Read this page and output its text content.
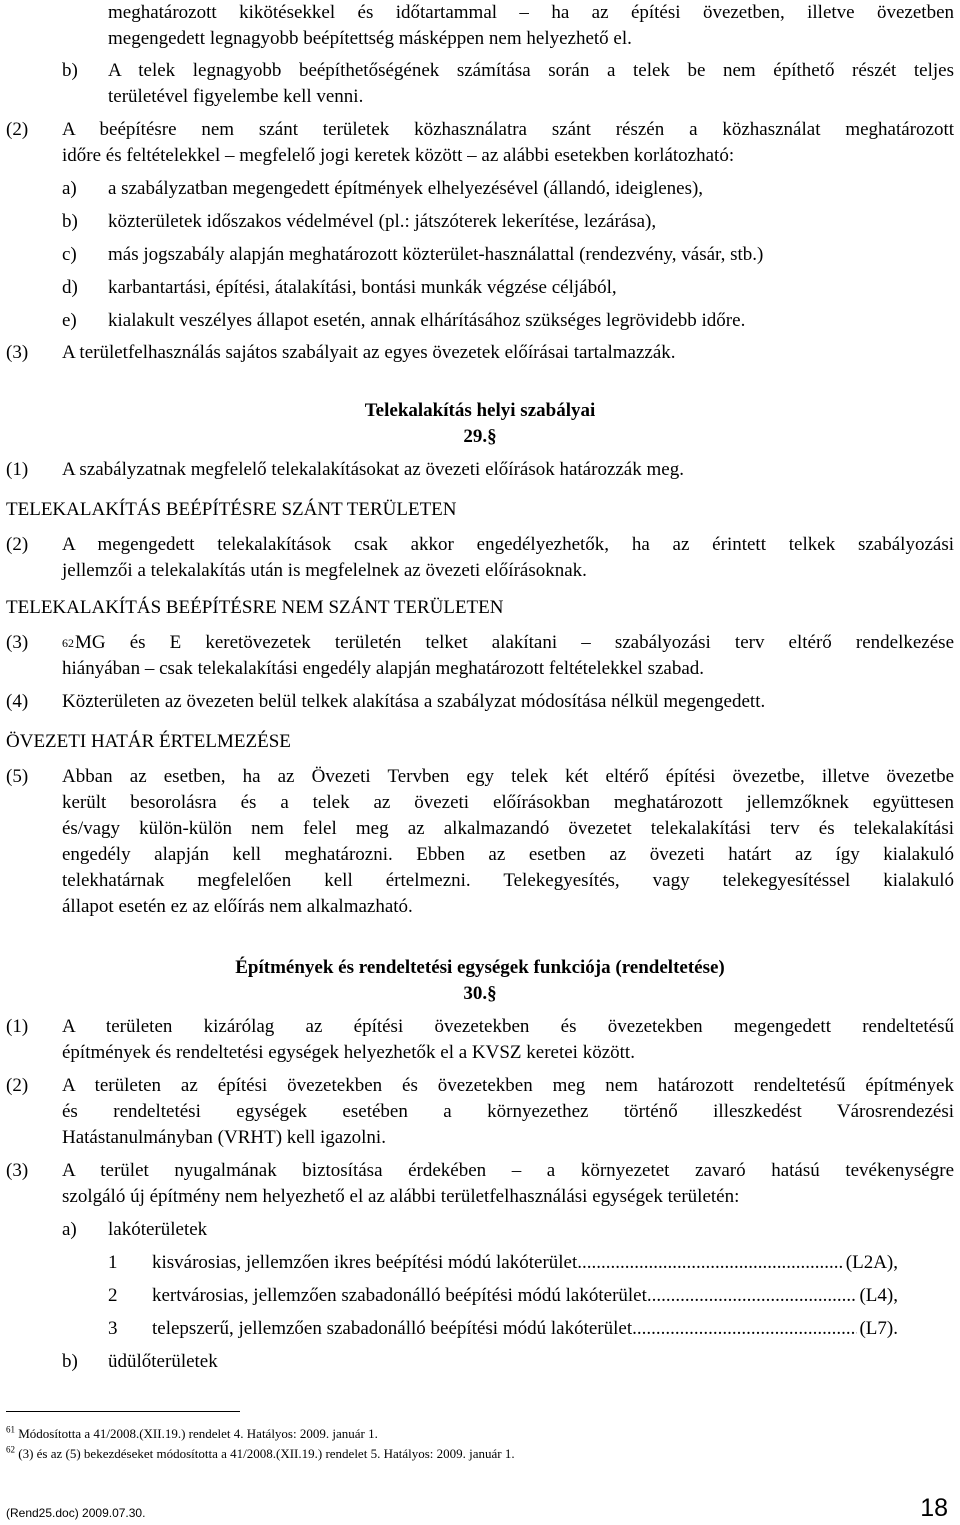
meghatározott kikötésekkel és időtartammal – ha az építési övezetben, illetve övezetben
megengedett legnagyobb beépítettség másképpen nem helyezhető el.
b) A telek legnagyobb beépíthetőségének számítása során a telek be nem építhető részét teljes
területével figyelembe kell venni.
(2) A beépítésre nem szánt területek közhasználatra szánt részén a közhasználat meghatározott
időre és feltételekkel – megfelelő jogi keretek között – az alábbi esetekben korlátozható:
a) a szabályzatban megengedett építmények elhelyezésével (állandó, ideiglenes),
b) közterületek időszakos védelmével (pl.: játszóterek lekerítése, lezárása),
c) más jogszabály alapján meghatározott közterület-használattal (rendezvény, vásár, stb.)
d) karbantartási, építési, átalakítási, bontási munkák végzése céljából,
e) kialakult veszélyes állapot esetén, annak elhárításához szükséges legrövidebb időre.
(3) A területfelhasználás sajátos szabályait az egyes övezetek előírásai tartalmazzák.
Telekalakítás helyi szabályai
29.§
(1) A szabályzatnak megfelelő telekalakításokat az övezeti előírások határozzák meg.
TELEKALAKÍTÁS BEÉPÍTÉSRE SZÁNT TERÜLETEN
(2) A megengedett telekalakítások csak akkor engedélyezhetők, ha az érintett telkek szabályozási
jellemzői a telekalakítás után is megfelelnek az övezeti előírásoknak.
TELEKALAKÍTÁS BEÉPÍTÉSRE NEM SZÁNT TERÜLETEN
(3)	62 MG és E keretövezetek területén telket alakítani – szabályozási terv eltérő rendelkezése
hiányában – csak telekalakítási engedély alapján meghatározott feltételekkel szabad.
(4) Közterületen az övezeten belül telkek alakítása a szabályzat módosítása nélkül megengedett.
ÖVEZETI HATÁR ÉRTELMEZÉSE
(5) Abban az esetben, ha az Övezeti Tervben egy telek két eltérő építési övezetbe, illetve övezetbe
került besorolásra és a telek az övezeti előírásokban meghatározott jellemzőknek együttesen
és/vagy külön-külön nem felel meg az alkalmazandó övezetet telekalakítási terv és telekalakítási
engedély alapján kell meghatározni. Ebben az esetben az övezeti határt az így kialakuló
telekhatárnak megfelelően kell értelmezni. Telekegyesítés, vagy telekegyesítéssel kialakuló
állapot esetén ez az előírás nem alkalmazható.
Építmények és rendeltetési egységek funkciója (rendeltetése)
30.§
(1) A területen kizárólag az építési övezetekben és övezetekben megengedett rendeltetésű
építmények és rendeltetési egységek helyezhetők el a KVSZ keretei között.
(2) A területen az építési övezetekben és övezetekben meg nem határozott rendeltetésű építmények
és rendeltetési egységek esetében a környezethez történő illeszkedést Városrendezési
Hatástanulmányban (VRHT) kell igazolni.
(3) A terület nyugalmának biztosítása érdekében – a környezetet zavaró hatású tevékenységre
szolgáló új építmény nem helyezhető el az alábbi területfelhasználási egységek területén:
a) lakóterületek
1 kisvárosias, jellemzően ikres beépítési módú lakóterület .....	(L2A),
2 kertvárosias, jellemzően szabadonálló beépítési módú lakóterület .....	(L4),
3 telepszerű, jellemzően szabadonálló beépítési módú lakóterület .....	(L7).
b) üdülőterületek
$^{61}$ Módosította a 41/2008.(XII.19.) rendelet 4. Hatályos: 2009. január 1.
$^{62}$ (3) és az (5) bekezdéseket módosította a 41/2008.(XII.19.) rendelet 5. Hatályos: 2009. január 1.
(Rend25.doc) 2009.07.30.	18
